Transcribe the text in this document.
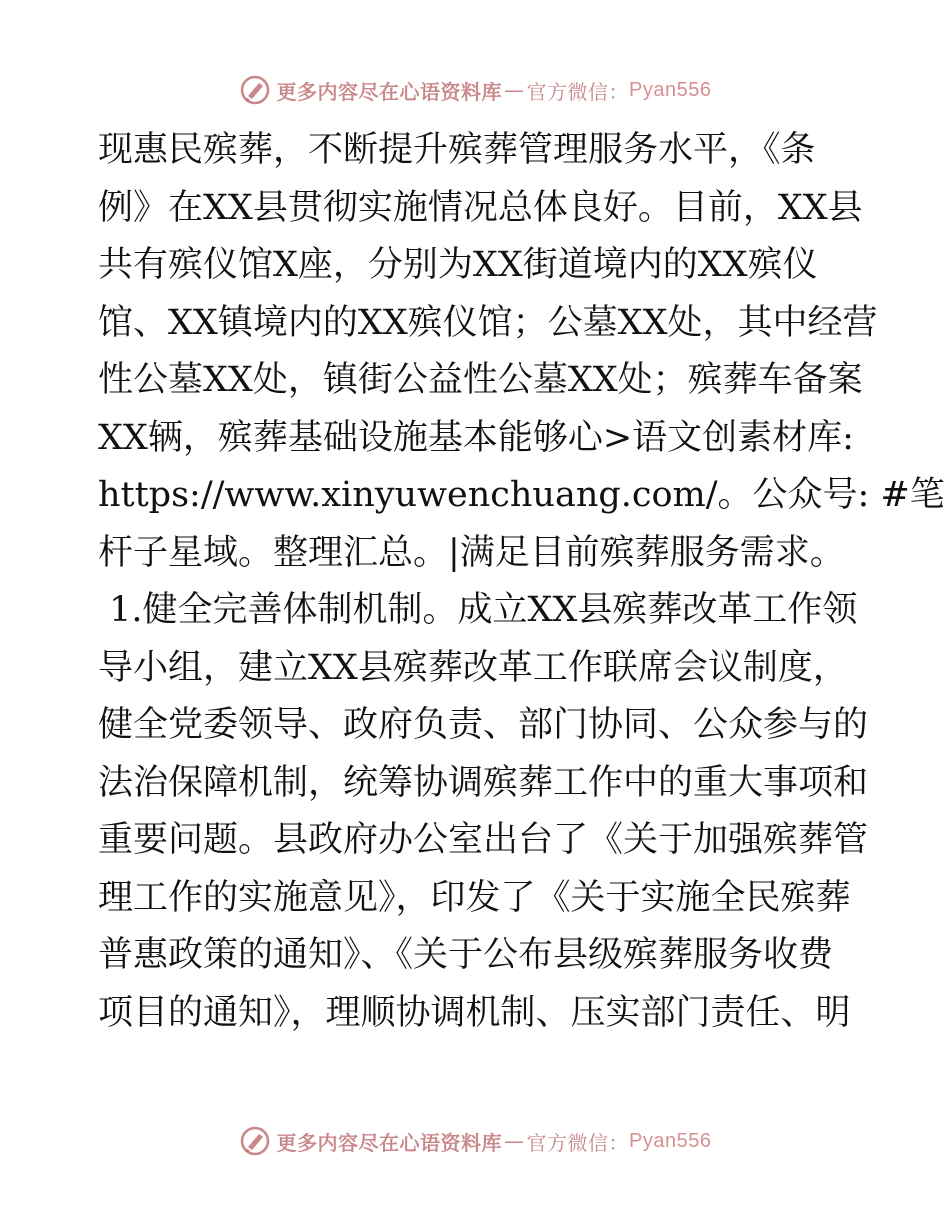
更多内容尽在心语资料库 — 官方微信： Pyan556

现惠民殡葬，不断提升殡葬管理服务水平，《条
例》在XX县贯彻实施情况总体良好。目前，XX县
共有殡仪馆X座，分别为XX街道境内的XX殡仪
馆、XX镇境内的XX殡仪馆；公墓XX处，其中经营
性公墓XX处，镇街公益性公墓XX处；殡葬车备案
XX辆，殡葬基础设施基本能够心>语文创素材库:
https://www.xinyuwenchuang.com/。公众号: #笔
杆子星域。整理汇总。|满足目前殡葬服务需求。

1.健全完善体制机制。成立XX县殡葬改革工作领
导小组，建立XX县殡葬改革工作联席会议制度，
健全党委领导、政府负责、部门协同、公众参与的
法治保障机制，统筹协调殡葬工作中的重大事项和
重要问题。县政府办公室出台了《关于加强殡葬管
理工作的实施意见》，印发了《关于实施全民殡葬
普惠政策的通知》、《关于公布县级殡葬服务收费
项目的通知》，理顺协调机制、压实部门责任、明

更多内容尽在心语资料库 — 官方微信： Pyan556
